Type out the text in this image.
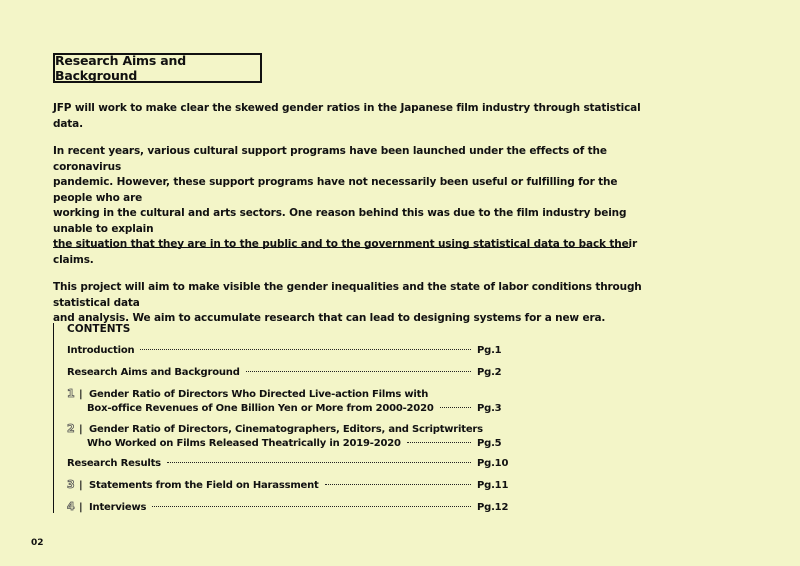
Research Aims and Background

JFP will work to make clear the skewed gender ratios in the Japanese film industry through statistical data.

In recent years, various cultural support programs have been launched under the effects of the coronavirus
pandemic. However, these support programs have not necessarily been useful or fulfilling for the people who are
working in the cultural and arts sectors. One reason behind this was due to the film industry being unable to explain
the situation that they are in to the public and to the government using statistical data to back their claims.

This project will aim to make visible the gender inequalities and the state of labor conditions through statistical data
and analysis. We aim to accumulate research that can lead to designing systems for a new era.

CONTENTS
Introduction	Pg.1
Research Aims and Background	Pg.2
1 | Gender Ratio of Directors Who Directed Live-action Films with
Box-office Revenues of One Billion Yen or More from 2000-2020	Pg.3
2 | Gender Ratio of Directors, Cinematographers, Editors, and Scriptwriters
Who Worked on Films Released Theatrically in 2019-2020	Pg.5
Research Results	Pg.10
3 | Statements from the Field on Harassment	Pg.11
4 | Interviews	Pg.12
02
